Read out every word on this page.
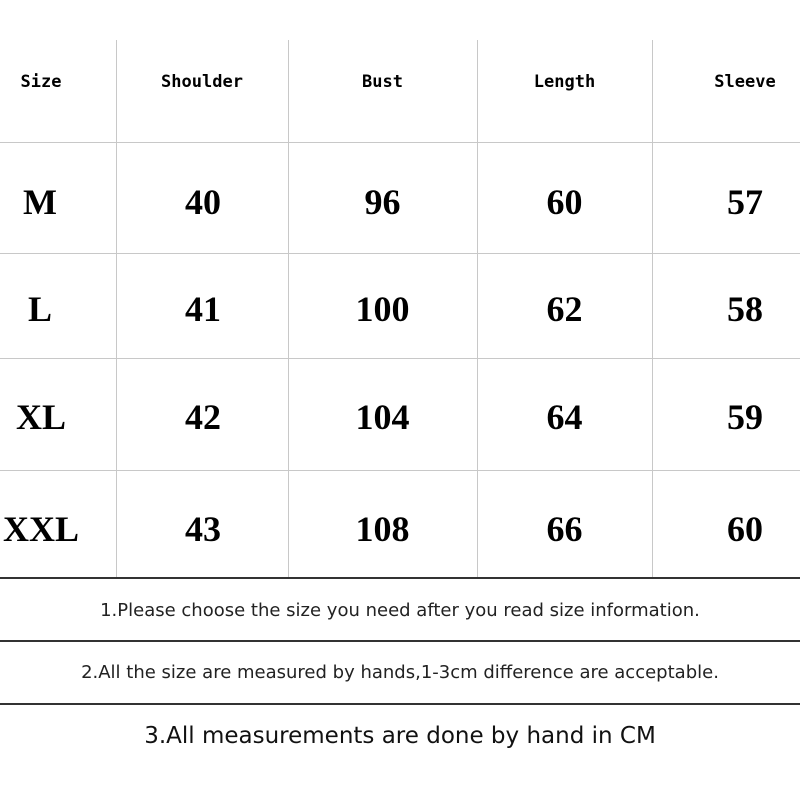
Size	Shoulder	Bust	Length	Sleeve
M	40	96	60	57
L	41	100	62	58
XL	42	104	64	59
XXL	43	108	66	60
1.Please choose the size you need after you read size information.
2.All the size are measured by hands,1-3cm difference are acceptable.
3.All measurements are done by hand in CM
